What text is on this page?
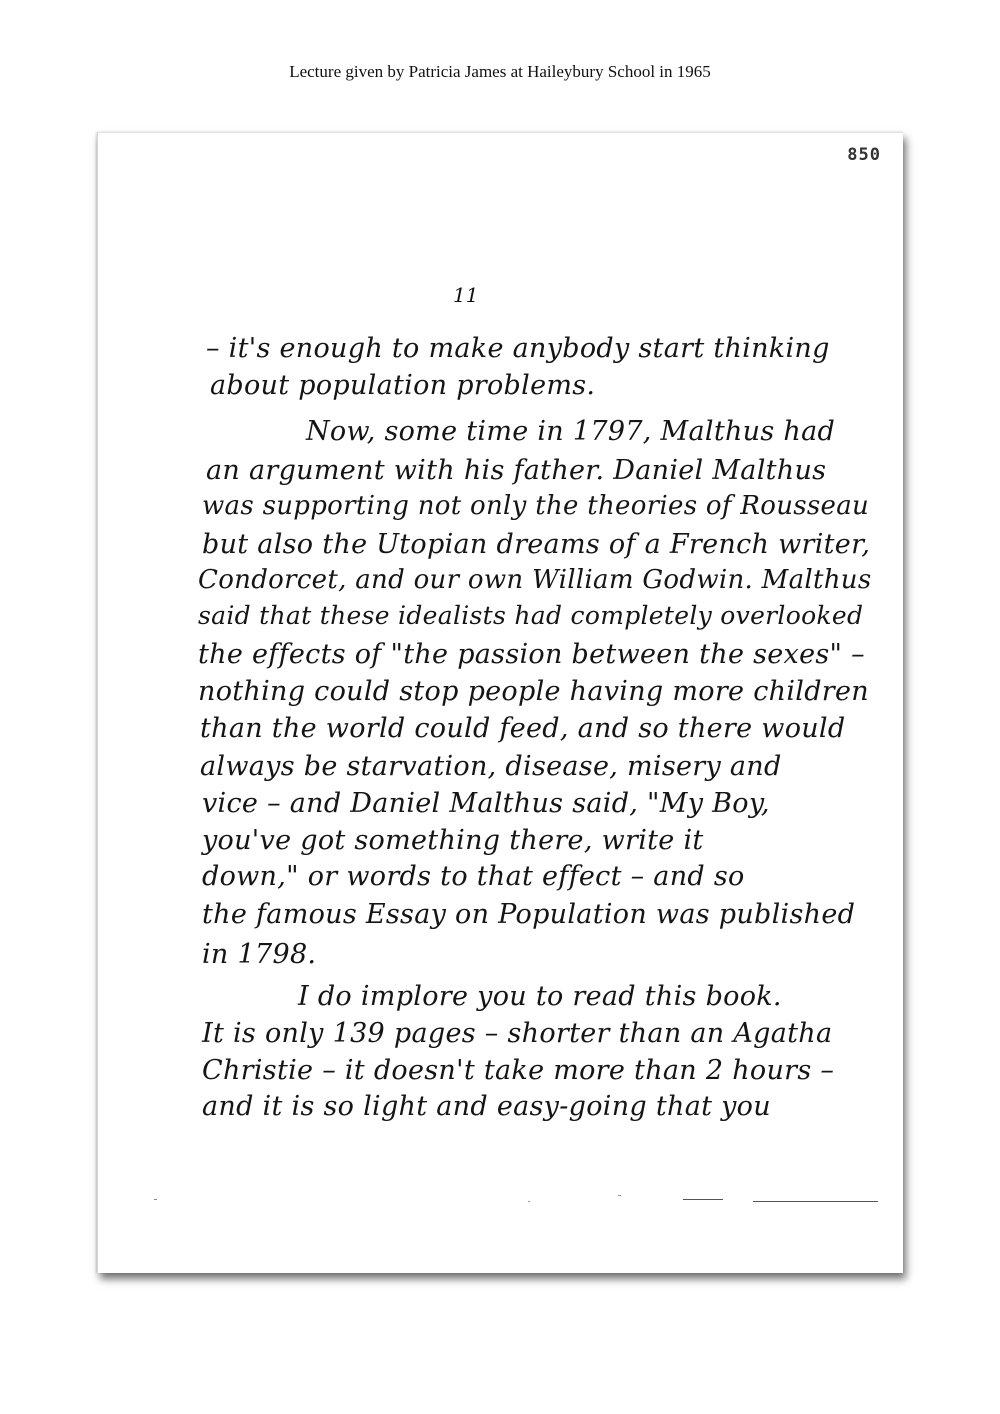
Lecture given by Patricia James at Haileybury School in 1965
850
11
– it's enough to make anybody start thinking
about population problems.
Now, some time in 1797, Malthus had
an argument with his father. Daniel Malthus
was supporting not only the theories of Rousseau
but also the Utopian dreams of a French writer,
Condorcet, and our own William Godwin. Malthus
said that these idealists had completely overlooked
the effects of "the passion between the sexes" –
nothing could stop people having more children
than the world could feed, and so there would
always be starvation, disease, misery and
vice – and Daniel Malthus said, "My Boy,
you've got something there, write it
down," or words to that effect – and so
the famous Essay on Population was published
in 1798.
I do implore you to read this book.
It is only 139 pages – shorter than an Agatha
Christie – it doesn't take more than 2 hours –
and it is so light and easy-going that you
